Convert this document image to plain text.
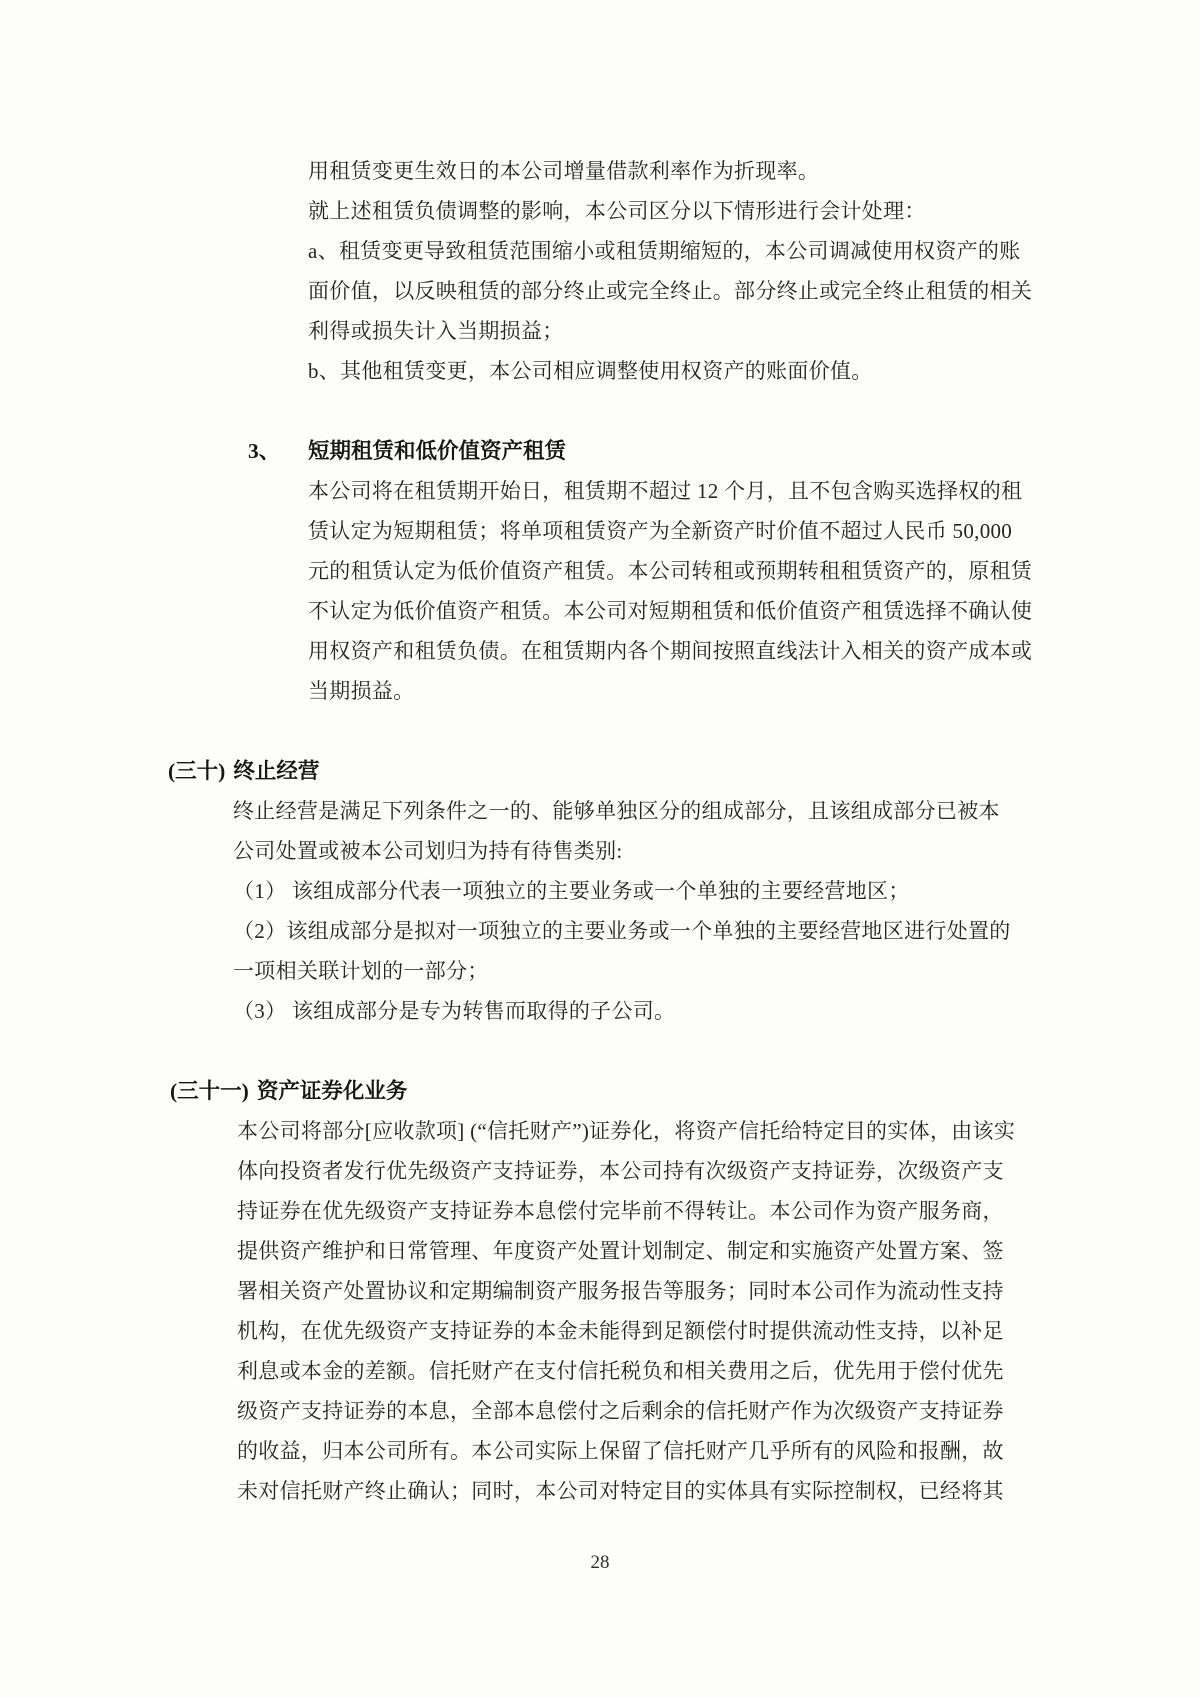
用租赁变更生效日的本公司增量借款利率作为折现率。
就上述租赁负债调整的影响，本公司区分以下情形进行会计处理：
a、租赁变更导致租赁范围缩小或租赁期缩短的，本公司调减使用权资产的账
面价值，以反映租赁的部分终止或完全终止。部分终止或完全终止租赁的相关
利得或损失计入当期损益；
b、其他租赁变更，本公司相应调整使用权资产的账面价值。
3、 短期租赁和低价值资产租赁
本公司将在租赁期开始日，租赁期不超过 12 个月，且不包含购买选择权的租
赁认定为短期租赁；将单项租赁资产为全新资产时价值不超过人民币 50,000
元的租赁认定为低价值资产租赁。本公司转租或预期转租租赁资产的，原租赁
不认定为低价值资产租赁。本公司对短期租赁和低价值资产租赁选择不确认使
用权资产和租赁负债。在租赁期内各个期间按照直线法计入相关的资产成本或
当期损益。
(三十) 终止经营
终止经营是满足下列条件之一的、能够单独区分的组成部分，且该组成部分已被本
公司处置或被本公司划归为持有待售类别:
（1） 该组成部分代表一项独立的主要业务或一个单独的主要经营地区；
（2）该组成部分是拟对一项独立的主要业务或一个单独的主要经营地区进行处置的
一项相关联计划的一部分；
（3） 该组成部分是专为转售而取得的子公司。
(三十一) 资产证券化业务
本公司将部分[应收款项] (“信托财产”)证券化，将资产信托给特定目的实体，由该实
体向投资者发行优先级资产支持证券，本公司持有次级资产支持证券，次级资产支
持证券在优先级资产支持证券本息偿付完毕前不得转让。本公司作为资产服务商，
提供资产维护和日常管理、年度资产处置计划制定、制定和实施资产处置方案、签
署相关资产处置协议和定期编制资产服务报告等服务；同时本公司作为流动性支持
机构，在优先级资产支持证券的本金未能得到足额偿付时提供流动性支持，以补足
利息或本金的差额。信托财产在支付信托税负和相关费用之后，优先用于偿付优先
级资产支持证券的本息，全部本息偿付之后剩余的信托财产作为次级资产支持证券
的收益，归本公司所有。本公司实际上保留了信托财产几乎所有的风险和报酬，故
未对信托财产终止确认；同时，本公司对特定目的实体具有实际控制权，已经将其
28
